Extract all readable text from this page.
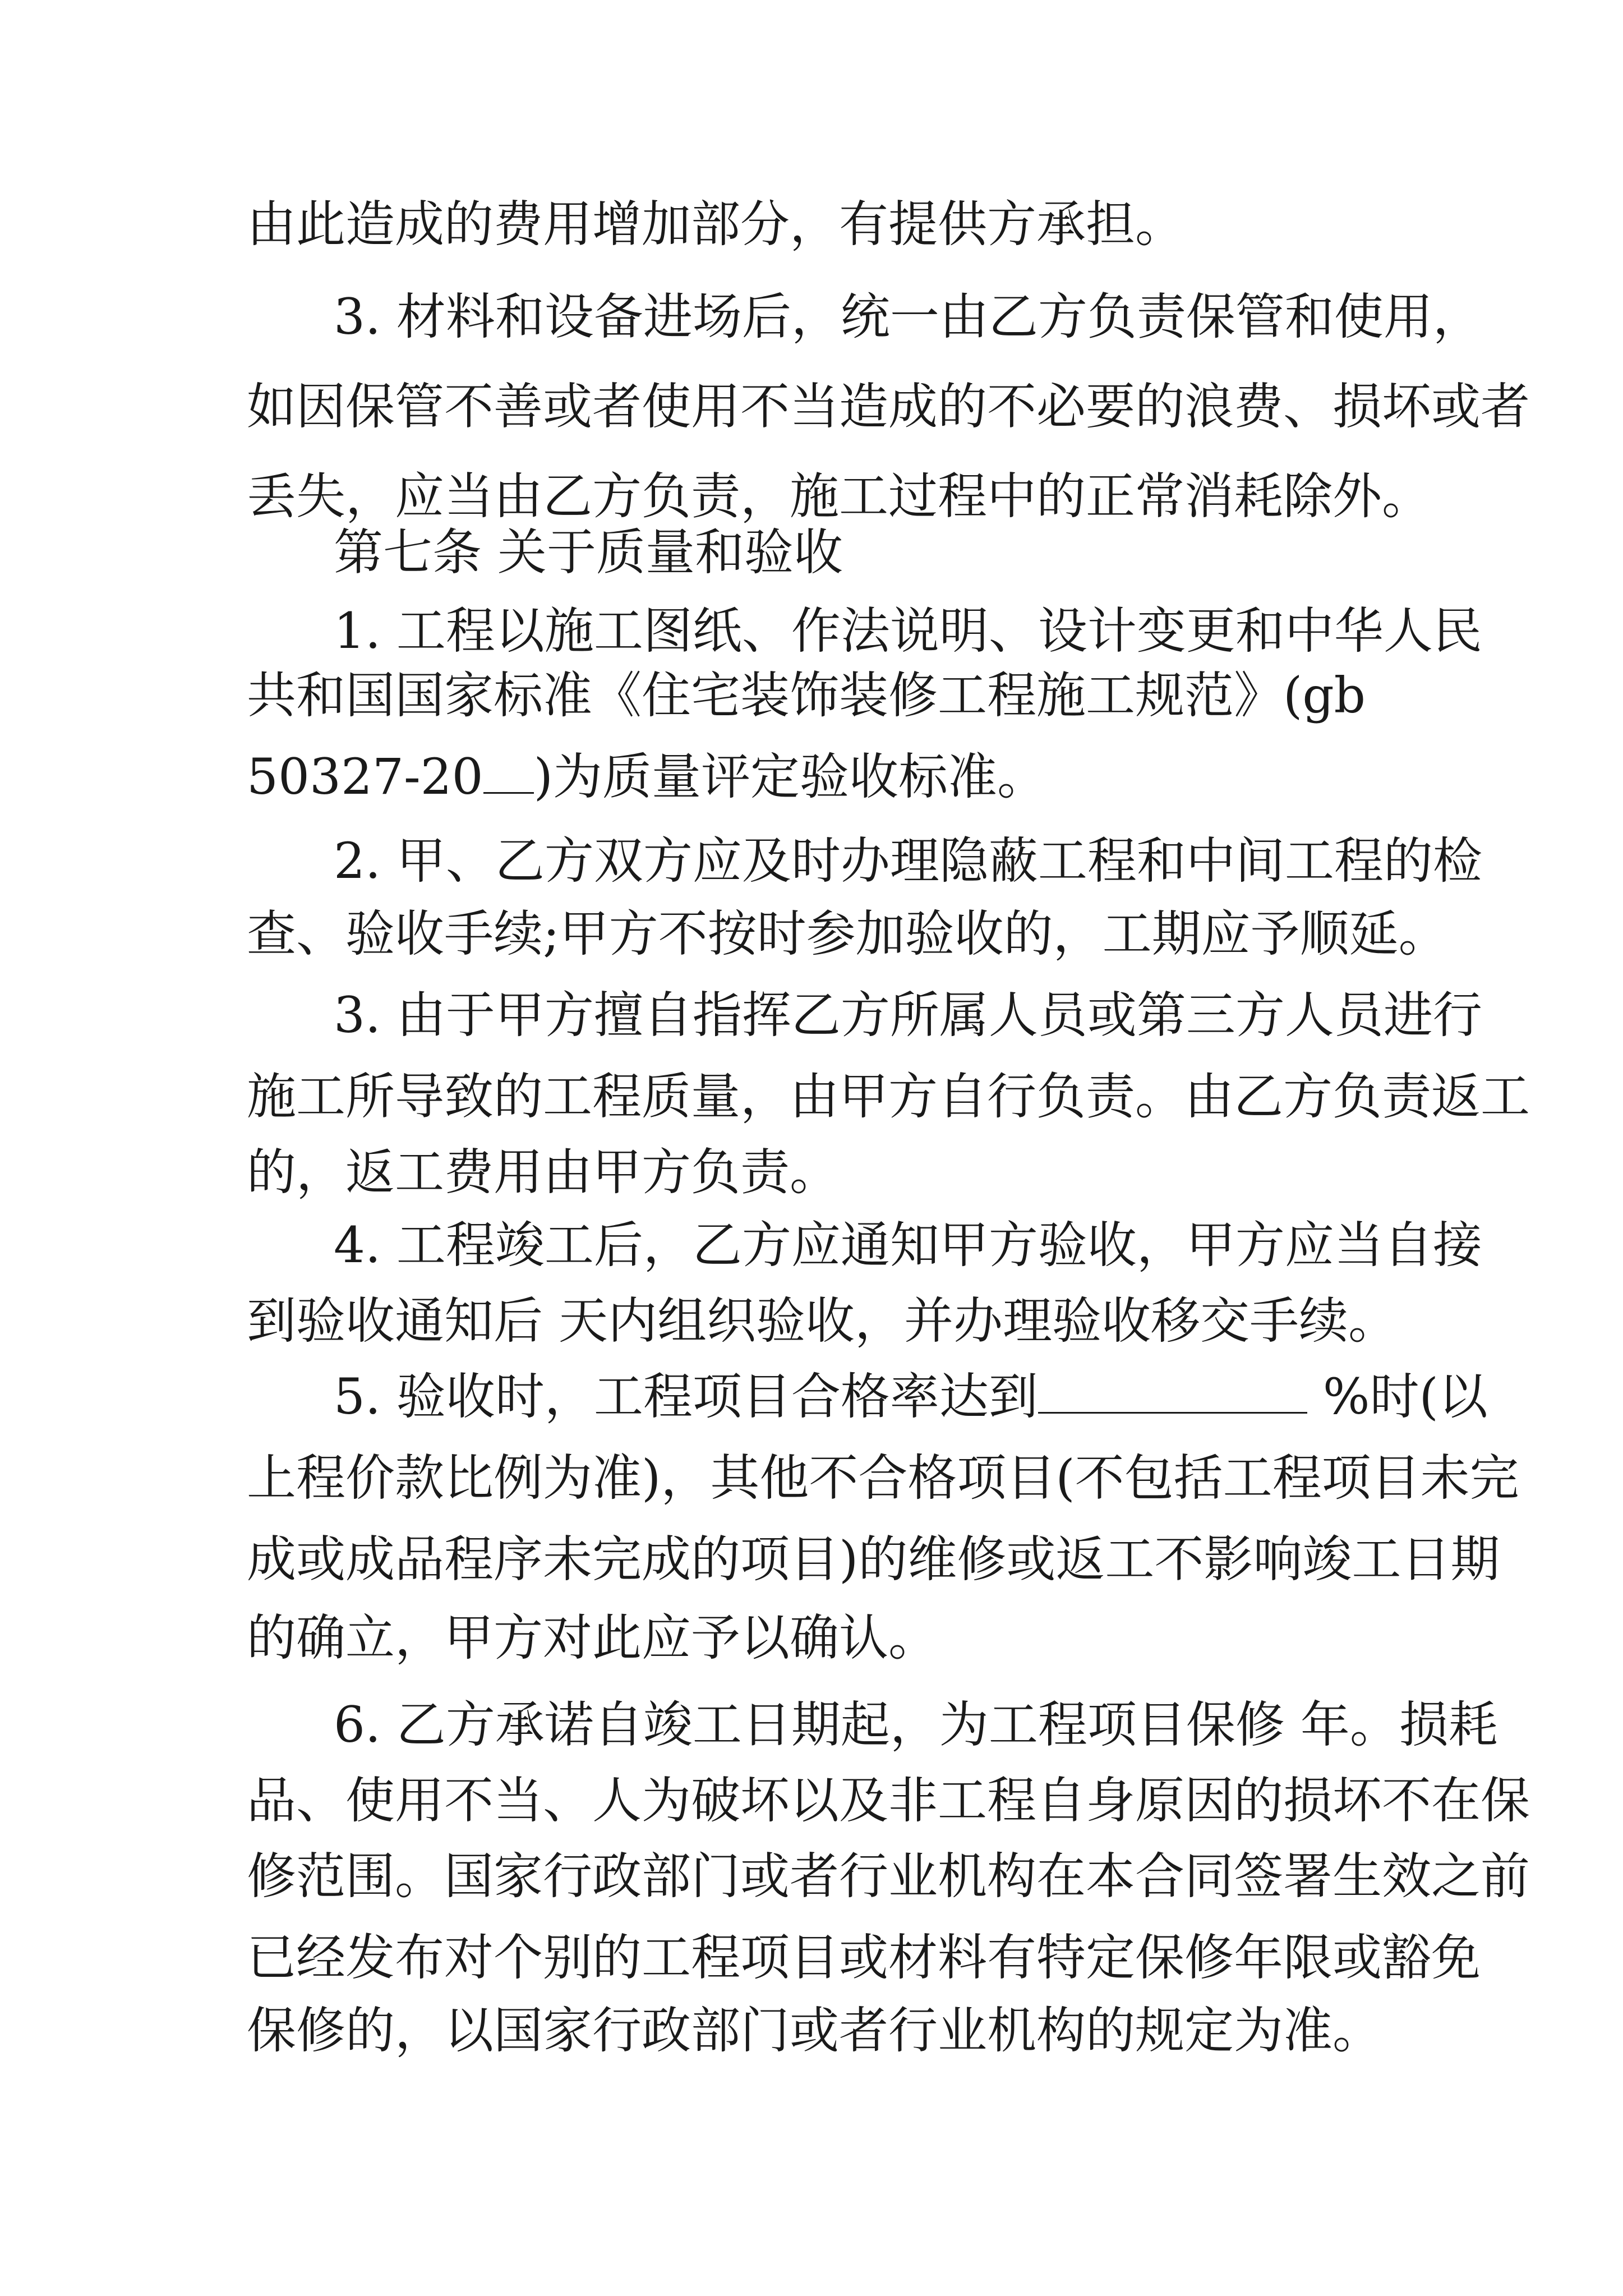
由此造成的费用增加部分，有提供方承担。
3. 材料和设备进场后，统一由乙方负责保管和使用，
如因保管不善或者使用不当造成的不必要的浪费、损坏或者
丢失，应当由乙方负责，施工过程中的正常消耗除外。
第七条 关于质量和验收
1. 工程以施工图纸、作法说明、设计变更和中华人民
共和国国家标准《住宅装饰装修工程施工规范》(gb
50327-20 )为质量评定验收标准。
2. 甲、乙方双方应及时办理隐蔽工程和中间工程的检
查、验收手续;甲方不按时参加验收的，工期应予顺延。
3. 由于甲方擅自指挥乙方所属人员或第三方人员进行
施工所导致的工程质量，由甲方自行负责。由乙方负责返工
的，返工费用由甲方负责。
4. 工程竣工后，乙方应通知甲方验收，甲方应当自接
到验收通知后 天内组织验收，并办理验收移交手续。
5. 验收时，工程项目合格率达到	%时(以
上程价款比例为准)，其他不合格项目(不包括工程项目未完
成或成品程序未完成的项目)的维修或返工不影响竣工日期
的确立，甲方对此应予以确认。
6. 乙方承诺自竣工日期起，为工程项目保修 年。损耗
品、使用不当、人为破坏以及非工程自身原因的损坏不在保
修范围。国家行政部门或者行业机构在本合同签署生效之前
已经发布对个别的工程项目或材料有特定保修年限或豁免
保修的，以国家行政部门或者行业机构的规定为准。
